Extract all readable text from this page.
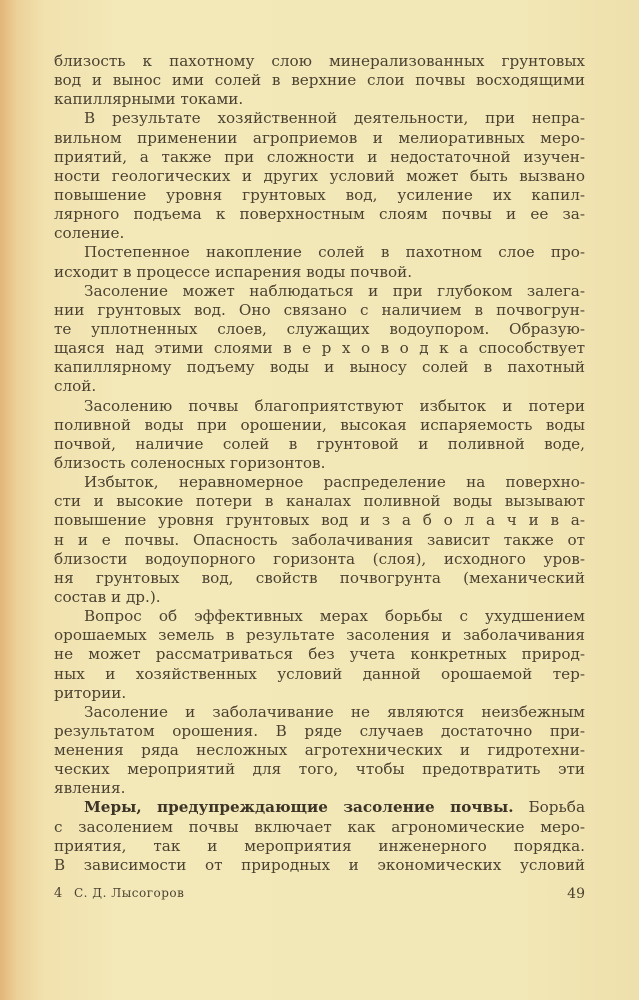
близость к пахотному слою минерализованных грунтовых
вод и вынос ими солей в верхние слои почвы восходящими
капиллярными токами.
В результате хозяйственной деятельности, при непра-
вильном применении агроприемов и мелиоративных меро-
приятий, а также при сложности и недостаточной изучен-
ности геологических и других условий может быть вызвано
повышение уровня грунтовых вод, усиление их капил-
лярного подъема к поверхностным слоям почвы и ее за-
соление.
Постепенное накопление солей в пахотном слое про-
исходит в процессе испарения воды почвой.
Засоление может наблюдаться и при глубоком залега-
нии грунтовых вод. Оно связано с наличием в почвогрун-
те уплотненных слоев, служащих водоупором. Образую-
щаяся над этими слоями в е р х о в о д к а способствует
капиллярному подъему воды и выносу солей в пахотный
слой.
Засолению почвы благоприятствуют избыток и потери
поливной воды при орошении, высокая испаряемость воды
почвой, наличие солей в грунтовой и поливной воде,
близость соленосных горизонтов.
Избыток, неравномерное распределение на поверхно-
сти и высокие потери в каналах поливной воды вызывают
повышение уровня грунтовых вод и з а б о л а ч и в а-
н и е почвы. Опасность заболачивания зависит также от
близости водоупорного горизонта (слоя), исходного уров-
ня грунтовых вод, свойств почвогрунта (механический
состав и др.).
Вопрос об эффективных мерах борьбы с ухудшением
орошаемых земель в результате засоления и заболачивания
не может рассматриваться без учета конкретных природ-
ных и хозяйственных условий данной орошаемой тер-
ритории.
Засоление и заболачивание не являются неизбежным
результатом орошения. В ряде случаев достаточно при-
менения ряда несложных агротехнических и гидротехни-
ческих мероприятий для того, чтобы предотвратить эти
явления.
Меры, предупреждающие засоление почвы. Борьба
с засолением почвы включает как агрономические меро-
приятия, так и мероприятия инженерного порядка.
В зависимости от природных и экономических условий
4 С. Д. Лысогоров	49
